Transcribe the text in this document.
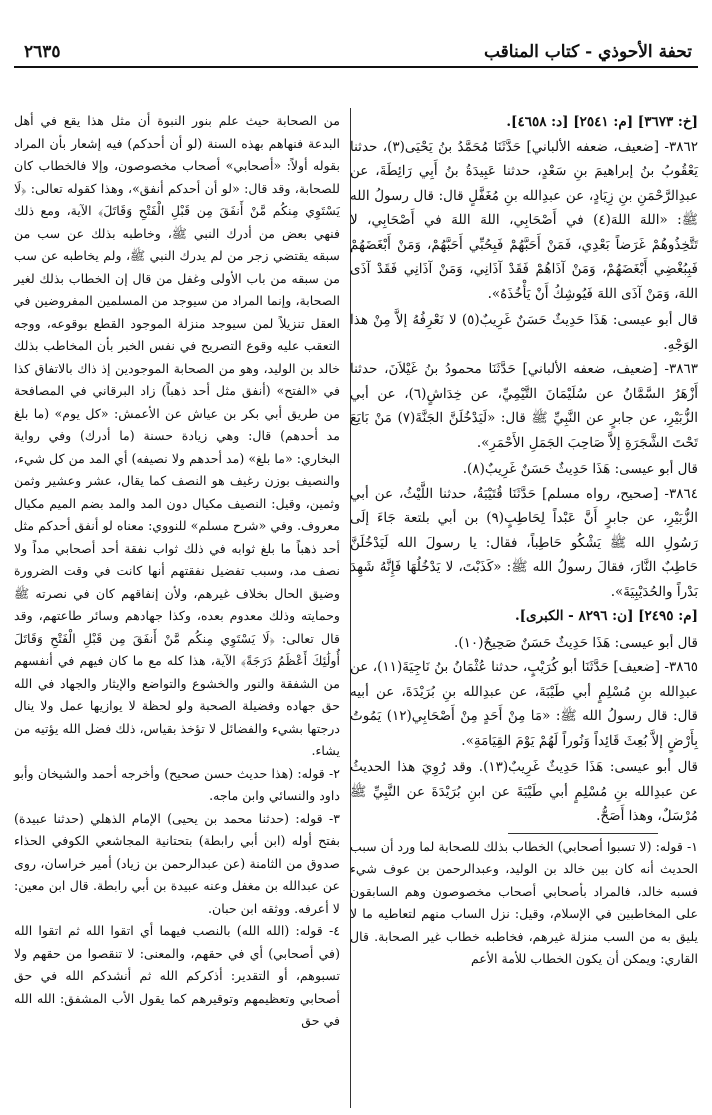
تحفة الأحوذي - كتاب المناقب
٢٦٣٥

[خ: ٣٦٧٣] [م: ٢٥٤١] [د: ٤٦٥٨].

٣٨٦٢- [ضعيف، ضعفه الألباني] حَدَّثَنَا مُحَمَّدُ بنُ يَحْيَى(٣)، حدثنا يَعْقُوبُ بنُ إبراهيمَ بنِ سَعْدٍ، حدثنا عَبِيدَةُ بنُ أَبِي رَائِطَةَ، عن عبدِالرَّحْمَنِ بنِ زِيَادٍ، عن عبدِالله بنِ مُغَفَّلٍ قال: قال رسولُ الله ﷺ: «اللهَ اللهَ(٤) في أَصْحَابِي، اللهَ اللهَ في أَصْحَابِي، لا تَتَّخِذُوهُمْ غَرَضاً بَعْدِي، فَمَنْ أَحَبَّهُمْ فَبِحُبِّي أَحَبَّهُمْ، وَمَنْ أَبْغَضَهُمْ فَبِبُغْضِي أَبْغَضَهُمْ، وَمَنْ آذَاهُمْ فَقَدْ آذَانِي، وَمَنْ آذَانِي فَقَدْ آذَى اللهَ، وَمَنْ آذَى اللهَ فَيُوشِكُ أَنْ يَأْخُذَهُ».

قال أبو عيسى: هَذَا حَدِيثٌ حَسَنٌ غَرِيبٌ(٥) لا نَعْرِفُهُ إلاَّ مِنْ هذا الوَجْهِ.

٣٨٦٣- [ضعيف، ضعفه الألباني] حَدَّثَنَا محمودُ بنُ غَيْلاَنَ، حدثنا أَزْهَرُ السَّمَّانُ عن سُلَيْمَانَ التَّيْمِيِّ، عن خِدَاشٍ(٦)، عن أبي الزُّبَيْرِ، عن جابرٍ عن النَّبِيِّ ﷺ قال: «لَيَدْخُلَنَّ الجَنَّةَ(٧) مَنْ بَايَعَ تَحْتَ الشَّجَرَةِ إلاَّ صَاحِبَ الجَمَلِ الأَحْمَرِ».

قال أبو عيسى: هَذَا حَدِيثٌ حَسَنٌ غَرِيبٌ(٨).

٣٨٦٤- [صحيح، رواه مسلم] حَدَّثَنَا قُتَيْبَةُ، حدثنا اللَّيْثُ، عن أبي الزُّبَيْرِ، عن جابرٍ أَنَّ عَبْداً لِحَاطِبٍ(٩) بن أبي بلتعة جَاءَ إلَى رَسُولِ الله ﷺ يَشْكُو حَاطِباً، فقال: يا رسولَ الله لَيَدْخُلَنَّ حَاطِبٌ النَّارَ، فقالَ رسولُ الله ﷺ: «كَذَبْتَ، لا يَدْخُلُهَا فَإِنَّهُ شَهِدَ بَدْراً والحُدَيْبِيَةَ».

[م: ٢٤٩٥] [ن: ٨٢٩٦ - الكبرى].

قال أبو عيسى: هَذَا حَدِيثٌ حَسَنٌ صَحِيحٌ(١٠).

٣٨٦٥- [ضعيف] حَدَّثَنَا أبو كُرَيْبٍ، حدثنا عُثْمَانُ بنُ نَاجِيَةَ(١١)، عن عبدِالله بنِ مُسْلِمٍ أبي طَيْبَةَ، عن عبدِالله بنِ بُرَيْدَةَ، عن أبيه قال: قال رسولُ الله ﷺ: «مَا مِنْ أَحَدٍ مِنْ أَصْحَابِي(١٢) يَمُوتُ بِأَرْضٍ إلاَّ بُعِثَ قَائِداً وَنُوراً لَهُمْ يَوْمَ القِيَامَةِ».

قال أبو عيسى: هَذَا حَدِيثٌ غَرِيبٌ(١٣). وقد رُوِيَ هذا الحديثُ عن عبدِالله بنِ مُسْلِمٍ أبي طَيْبَةَ عن ابنِ بُرَيْدَةَ عن النَّبِيِّ ﷺ مُرْسَلٌ، وهذا أَصَحُّ.

١- قوله: (لا تسبوا أصحابي) الخطاب بذلك للصحابة لما ورد أن سبب الحديث أنه كان بين خالد بن الوليد، وعبدالرحمن بن عوف شيء فسبه خالد، فالمراد بأصحابي أصحاب مخصوصون وهم السابقون على المخاطبين في الإسلام، وقيل: نزل الساب منهم لتعاطيه ما لا يليق به من السب منزلة غيرهم، فخاطبه خطاب غير الصحابة. قال القاري: ويمكن أن يكون الخطاب للأمة الأعم

من الصحابة حيث علم بنور النبوة أن مثل هذا يقع في أهل البدعة فنهاهم بهذه السنة (لو أن أحدكم) فيه إشعار بأن المراد بقوله أولاً: «أصحابي» أصحاب مخصوصون، وإلا فالخطاب كان للصحابة، وقد قال: «لو أن أحدكم أنفق»، وهذا كقوله تعالى: ﴿لَا يَسْتَوِي مِنكُم مَّنْ أَنفَقَ مِن قَبْلِ الْفَتْحِ وَقَاتَلَ﴾ الآية، ومع ذلك فنهي بعض من أدرك النبي ﷺ، وخاطبه بذلك عن سب من سبقه يقتضي زجر من لم يدرك النبي ﷺ، ولم يخاطبه عن سب من سبقه من باب الأولى وغفل من قال إن الخطاب بذلك لغير الصحابة، وإنما المراد من سيوجد من المسلمين المفروضين في العقل تنزيلاً لمن سيوجد منزلة الموجود القطع بوقوعه، ووجه التعقب عليه وقوع التصريح في نفس الخبر بأن المخاطب بذلك خالد بن الوليد، وهو من الصحابة الموجودين إذ ذاك بالاتفاق كذا في «الفتح» (أنفق مثل أحد ذهباً) زاد البرقاني في المصافحة من طريق أبي بكر بن عياش عن الأعمش: «كل يوم» (ما بلغ مد أحدهم) قال: وهي زيادة حسنة (ما أدرك) وفي رواية البخاري: «ما بلغ» (مد أحدهم ولا نصيفه) أي المد من كل شيء، والنصيف بوزن رغيف هو النصف كما يقال، عشر وعشير وثمن وثمين، وقيل: النصيف مكيال دون المد والمد بضم الميم مكيال معروف. وفي «شرح مسلم» للنووي: معناه لو أنفق أحدكم مثل أحد ذهباً ما بلغ ثوابه في ذلك ثواب نفقة أحد أصحابي مداً ولا نصف مد، وسبب تفضيل نفقتهم أنها كانت في وقت الضرورة وضيق الحال بخلاف غيرهم، ولأن إنفاقهم كان في نصرته ﷺ وحمايته وذلك معدوم بعده، وكذا جهادهم وسائر طاعتهم، وقد قال تعالى: ﴿لَا يَسْتَوِي مِنكُم مَّنْ أَنفَقَ مِن قَبْلِ الْفَتْحِ وَقَاتَلَ أُولَٰئِكَ أَعْظَمُ دَرَجَةً﴾ الآية، هذا كله مع ما كان فيهم في أنفسهم من الشفقة والنور والخشوع والتواضع والإيثار والجهاد في الله حق جهاده وفضيلة الصحبة ولو لحظة لا يوازيها عمل ولا ينال درجتها بشيء والفضائل لا تؤخذ بقياس، ذلك فضل الله يؤتيه من يشاء.

٢- قوله: (هذا حديث حسن صحيح) وأخرجه أحمد والشيخان وأبو داود والنسائي وابن ماجه.

٣- قوله: (حدثنا محمد بن يحيى) الإمام الذهلي (حدثنا عبيدة) بفتح أوله (ابن أبي رابطة) بتحتانية المجاشعي الكوفي الحذاء صدوق من الثامنة (عن عبدالرحمن بن زياد) أمير خراسان، روى عن عبدالله بن مغفل وعنه عبيدة بن أبي رابطة. قال ابن معين: لا أعرفه. ووثقه ابن حبان.

٤- قوله: (الله الله) بالنصب فيهما أي اتقوا الله ثم اتقوا الله (في أصحابي) أي في حقهم، والمعنى: لا تنقصوا من حقهم ولا تسبوهم، أو التقدير: أذكركم الله ثم أنشدكم الله في حق أصحابي وتعظيمهم وتوقيرهم كما يقول الأب المشفق: الله الله في حق
